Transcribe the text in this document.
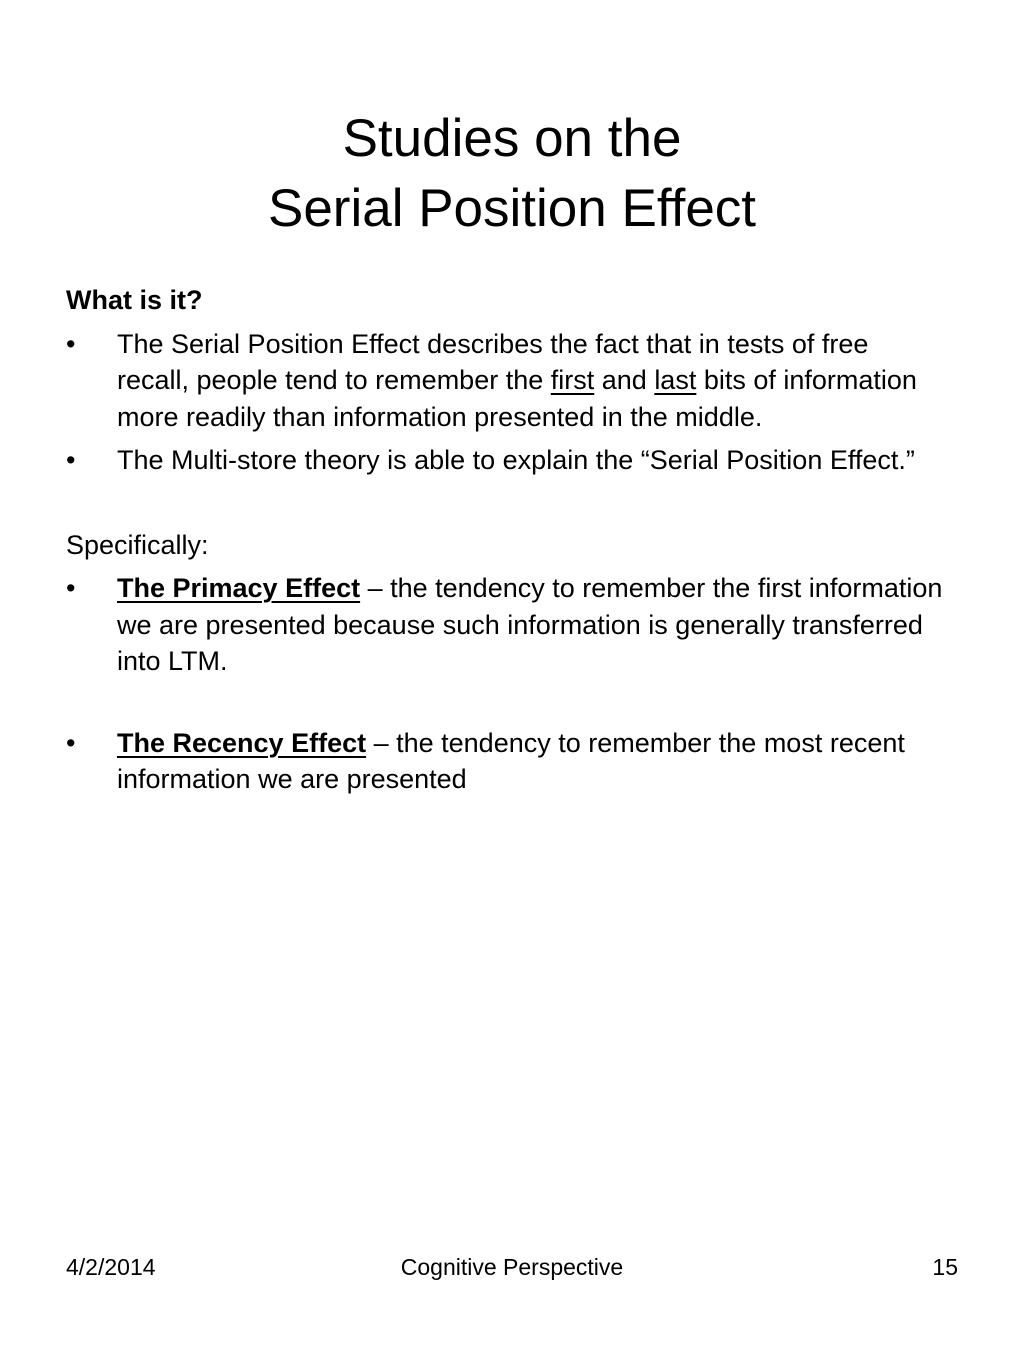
Studies on the
Serial Position Effect
What is it?
• The Serial Position Effect describes the fact that in tests of free recall, people tend to remember the first and last bits of information more readily than information presented in the middle.
• The Multi-store theory is able to explain the “Serial Position Effect.”
Specifically:
• The Primacy Effect – the tendency to remember the first information we are presented because such information is generally transferred into LTM.
• The Recency Effect – the tendency to remember the most recent information we are presented
4/2/2014	Cognitive Perspective	15
